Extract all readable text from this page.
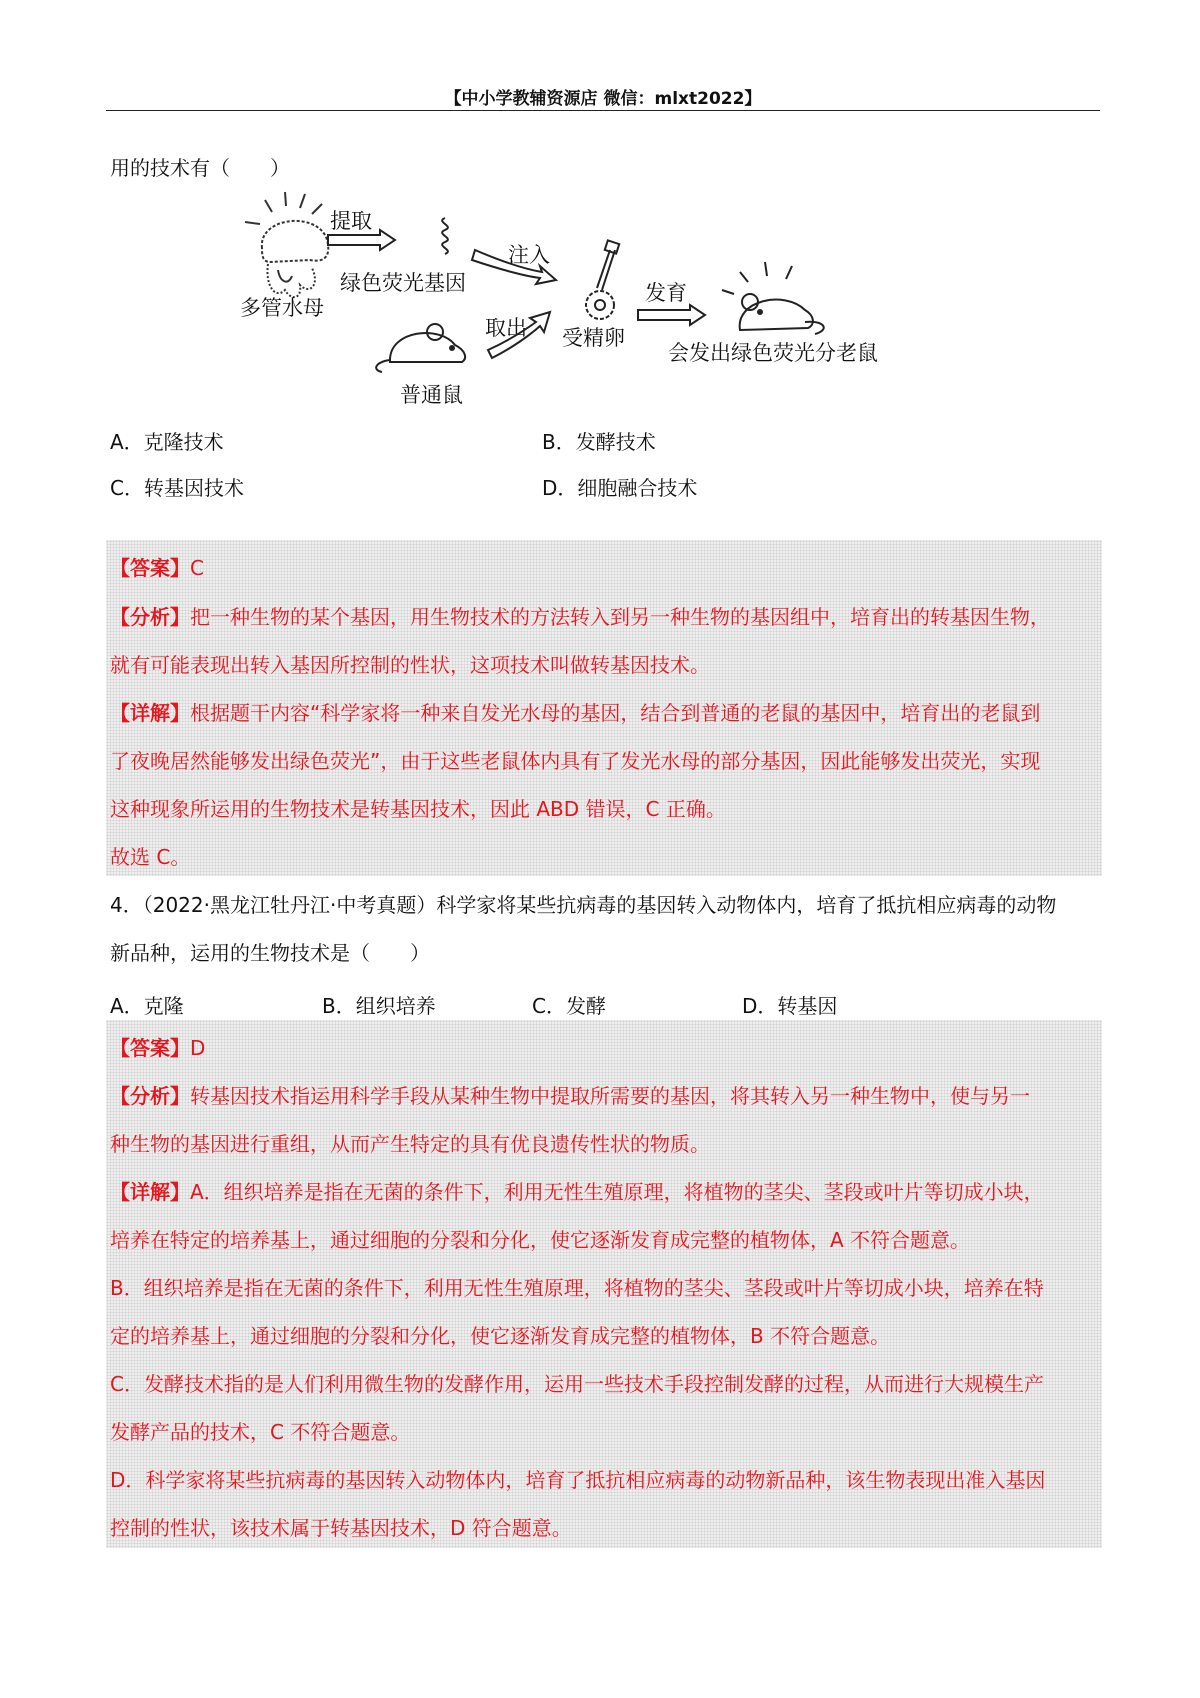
【中小学教辅资源店 微信：mlxt2022】
用的技术有（　　）
多管水母
提取
绿色荧光基因
注入
普通鼠
取出 受精卵
发育
会发出绿色荧光分老鼠
A．克隆技术	B．发酵技术
C．转基因技术	D．细胞融合技术
【答案】C
【分析】把一种生物的某个基因，用生物技术的方法转入到另一种生物的基因组中，培育出的转基因生物，
就有可能表现出转入基因所控制的性状，这项技术叫做转基因技术。
【详解】根据题干内容“科学家将一种来自发光水母的基因，结合到普通的老鼠的基因中，培育出的老鼠到
了夜晚居然能够发出绿色荧光”，由于这些老鼠体内具有了发光水母的部分基因，因此能够发出荧光，实现
这种现象所运用的生物技术是转基因技术，因此 ABD 错误，C 正确。
故选 C。
4．（2022·黑龙江牡丹江·中考真题）科学家将某些抗病毒的基因转入动物体内，培育了抵抗相应病毒的动物
新品种，运用的生物技术是（　　）
A．克隆	B．组织培养	C．发酵	D．转基因
【答案】D
【分析】转基因技术指运用科学手段从某种生物中提取所需要的基因，将其转入另一种生物中，使与另一
种生物的基因进行重组，从而产生特定的具有优良遗传性状的物质。
【详解】A．组织培养是指在无菌的条件下，利用无性生殖原理，将植物的茎尖、茎段或叶片等切成小块，
培养在特定的培养基上，通过细胞的分裂和分化，使它逐渐发育成完整的植物体，A 不符合题意。
B．组织培养是指在无菌的条件下，利用无性生殖原理，将植物的茎尖、茎段或叶片等切成小块，培养在特
定的培养基上，通过细胞的分裂和分化，使它逐渐发育成完整的植物体，B 不符合题意。
C．发酵技术指的是人们利用微生物的发酵作用，运用一些技术手段控制发酵的过程，从而进行大规模生产
发酵产品的技术，C 不符合题意。
D．科学家将某些抗病毒的基因转入动物体内，培育了抵抗相应病毒的动物新品种，该生物表现出准入基因
控制的性状，该技术属于转基因技术，D 符合题意。
